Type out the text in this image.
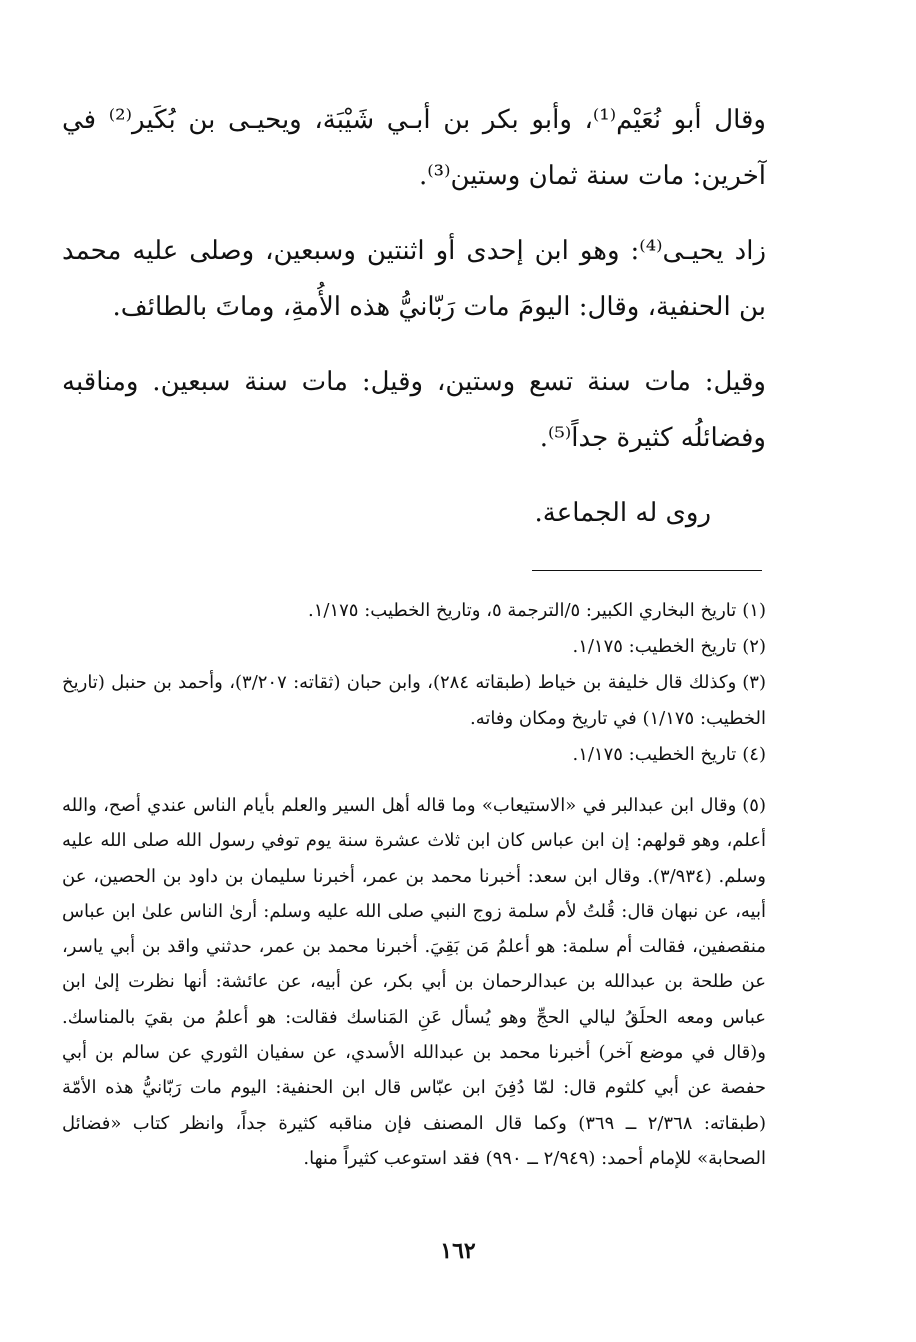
وقال أبو نُعَيْم⁽¹⁾، وأبو بكر بن أبـي شَيْبَة، ويحيـى بن بُكَير⁽²⁾ في آخرين: مات سنة ثمان وستين⁽³⁾.

زاد يحيـى⁽⁴⁾: وهو ابن إحدى أو اثنتين وسبعين، وصلى عليه محمد بن الحنفية، وقال: اليومَ مات رَبّانيُّ هذه الأُمةِ، وماتَ بالطائف.

وقيل: مات سنة تسع وستين، وقيل: مات سنة سبعين. ومناقبه وفضائلُه كثيرة جداً⁽⁵⁾.

روى له الجماعة.

(١)تاريخ البخاري الكبير: ٥/الترجمة ٥، وتاريخ الخطيب: ١/١٧٥.

(٢)تاريخ الخطيب: ١/١٧٥.

(٣)وكذلك قال خليفة بن خياط (طبقاته ٢٨٤)، وابن حبان (ثقاته: ٣/٢٠٧)، وأحمد بن حنبل (تاريخ الخطيب: ١/١٧٥) في تاريخ ومكان وفاته.

(٤)تاريخ الخطيب: ١/١٧٥.

(٥)وقال ابن عبدالبر في «الاستيعاب» وما قاله أهل السير والعلم بأيام الناس عندي أصح، والله أعلم، وهو قولهم: إن ابن عباس كان ابن ثلاث عشرة سنة يوم توفي رسول الله صلى الله عليه وسلم. (٣/٩٣٤). وقال ابن سعد: أخبرنا محمد بن عمر، أخبرنا سليمان بن داود بن الحصين، عن أبيه، عن نبهان قال: قُلتُ لأم سلمة زوج النبي صلى الله عليه وسلم: أرىٰ الناس علىٰ ابن عباس منقصفين، فقالت أم سلمة: هو أعلمُ مَن بَقِيَ. أخبرنا محمد بن عمر، حدثني واقد بن أبي ياسر، عن طلحة بن عبدالله بن عبدالرحمان بن أبي بكر، عن أبيه، عن عائشة: أنها نظرت إلىٰ ابن عباس ومعه الحلَقُ ليالي الحجِّ وهو يُسأل عَنِ المَناسك فقالت: هو أعلمُ من بقيَ بالمناسك. و(قال في موضع آخر) أخبرنا محمد بن عبدالله الأسدي، عن سفيان الثوري عن سالم بن أبي حفصة عن أبي كلثوم قال: لمّا دُفِنَ ابن عبّاس قال ابن الحنفية: اليوم مات رَبّانيُّ هذه الأمّة (طبقاته: ٢/٣٦٨ ــ ٣٦٩) وكما قال المصنف فإن مناقبه كثيرة جداً، وانظر كتاب «فضائل الصحابة» للإمام أحمد: (٢/٩٤٩ ــ ٩٩٠) فقد استوعب كثيراً منها.

١٦٢
